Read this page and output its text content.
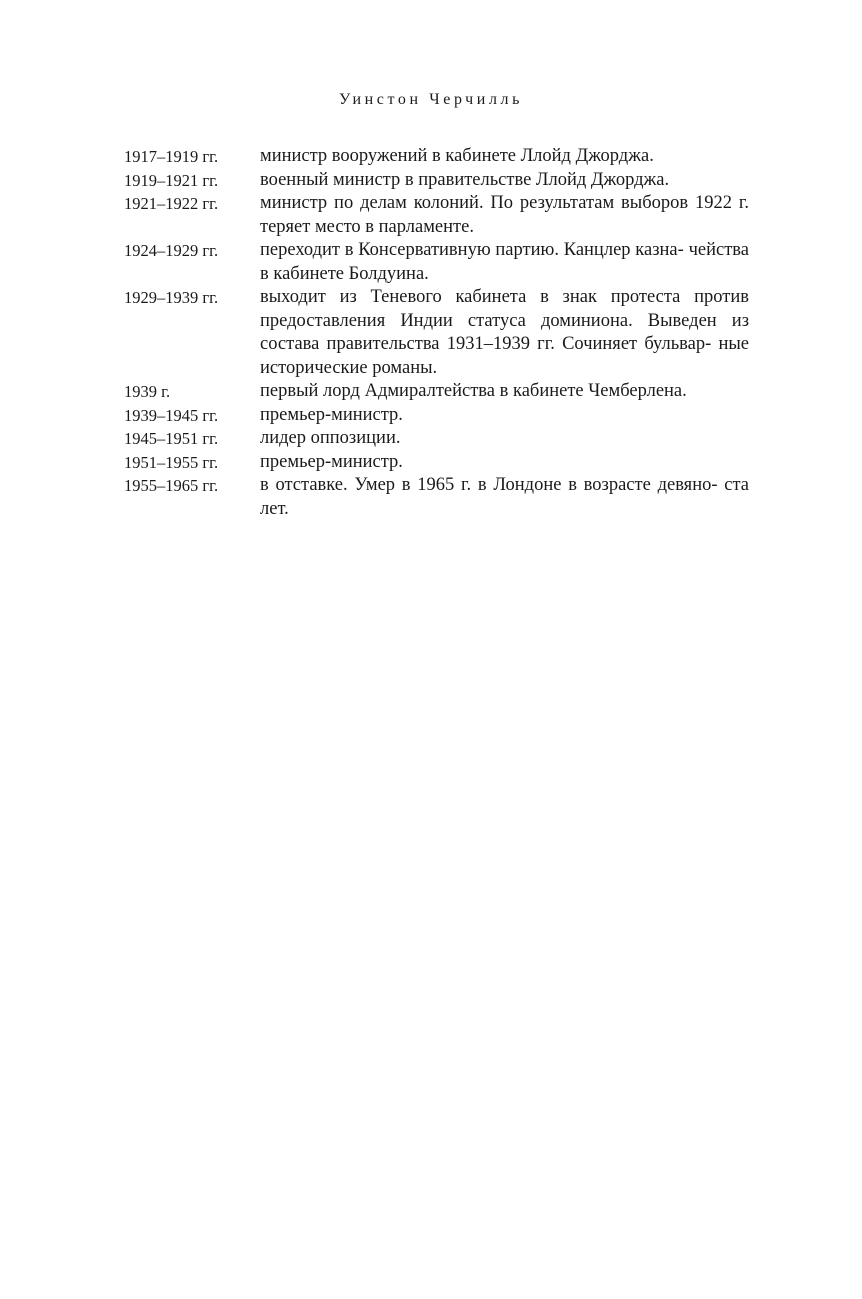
Уинстон Черчилль
1917–1919 гг.	министр вооружений в кабинете Ллойд Джорджа.
1919–1921 гг.	военный министр в правительстве Ллойд Джорджа.
1921–1922 гг.	министр по делам колоний. По результатам выборов 1922 г. теряет место в парламенте.
1924–1929 гг.	переходит в Консервативную партию. Канцлер казна- чейства в кабинете Болдуина.
1929–1939 гг.	выходит из Теневого кабинета в знак протеста против предоставления Индии статуса доминиона. Выведен из состава правительства 1931–1939 гг. Сочиняет бульвар- ные исторические романы.
1939 г.	первый лорд Адмиралтейства в кабинете Чемберлена.
1939–1945 гг.	премьер-министр.
1945–1951 гг.	лидер оппозиции.
1951–1955 гг.	премьер-министр.
1955–1965 гг.	в отставке. Умер в 1965 г. в Лондоне в возрасте девяно- ста лет.
